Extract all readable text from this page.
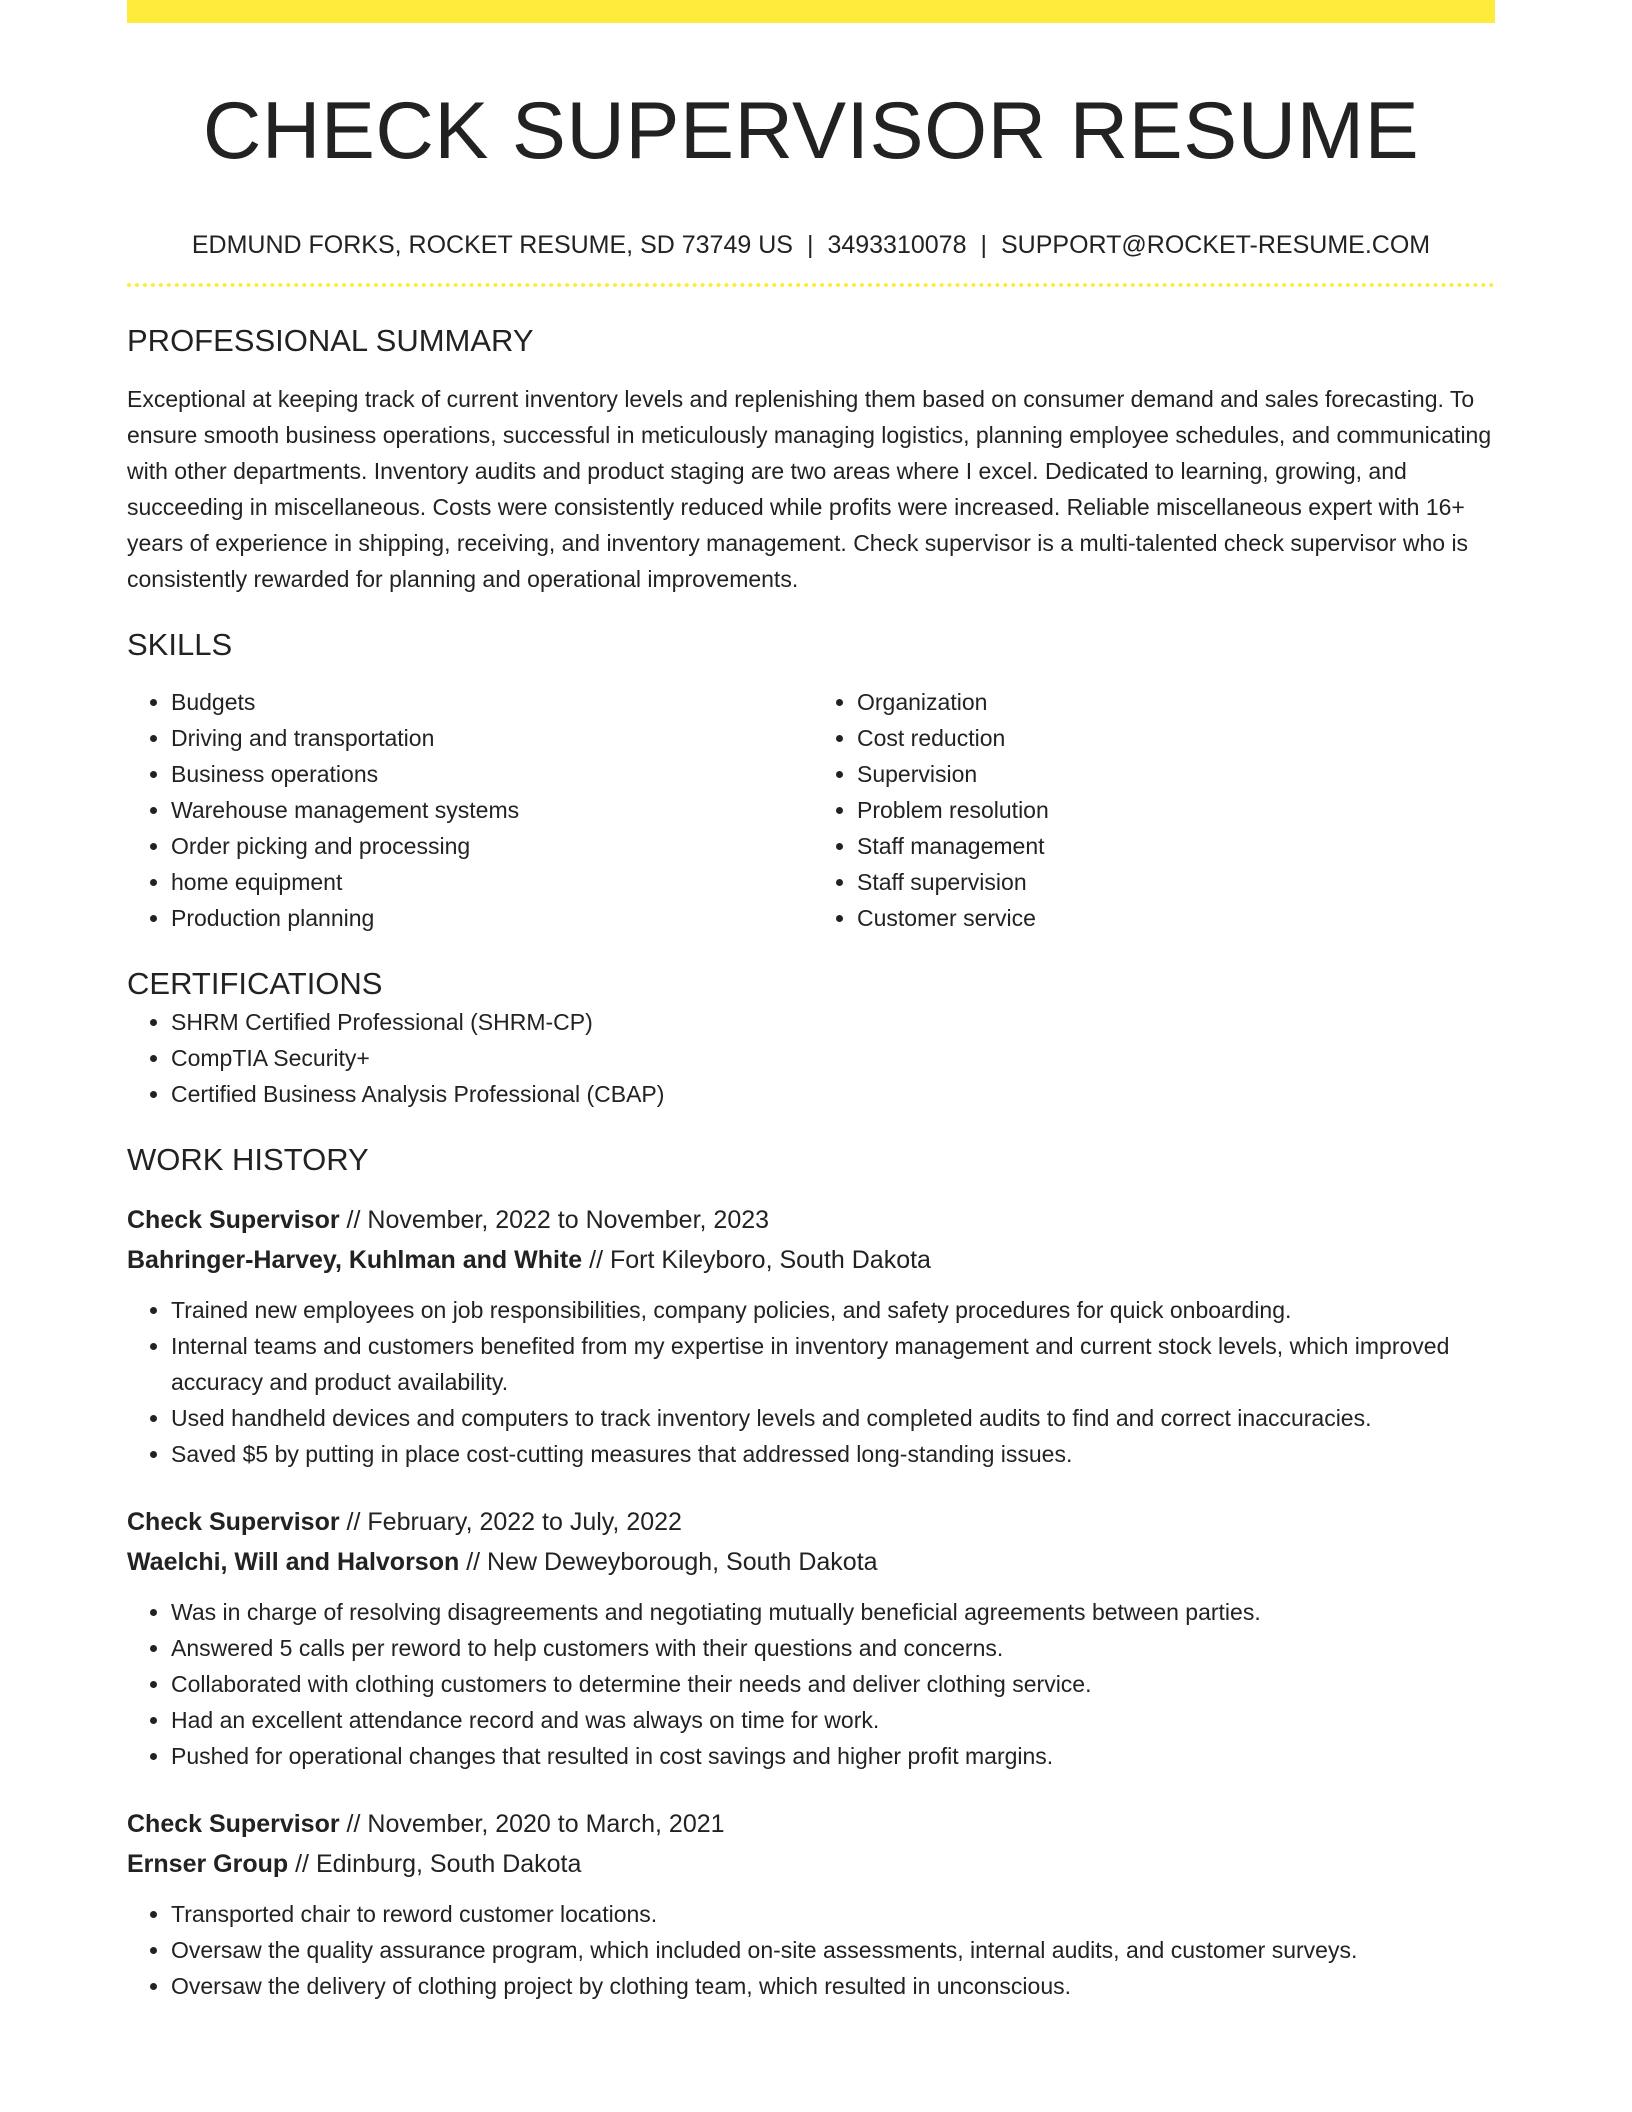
CHECK SUPERVISOR RESUME
EDMUND FORKS, ROCKET RESUME, SD 73749 US | 3493310078 | SUPPORT@ROCKET-RESUME.COM
PROFESSIONAL SUMMARY

Exceptional at keeping track of current inventory levels and replenishing them based on consumer demand and sales forecasting. To ensure smooth business operations, successful in meticulously managing logistics, planning employee schedules, and communicating with other departments. Inventory audits and product staging are two areas where I excel. Dedicated to learning, growing, and succeeding in miscellaneous. Costs were consistently reduced while profits were increased. Reliable miscellaneous expert with 16+ years of experience in shipping, receiving, and inventory management. Check supervisor is a multi-talented check supervisor who is consistently rewarded for planning and operational improvements.

SKILLS
• Budgets
• Driving and transportation
• Business operations
• Warehouse management systems
• Order picking and processing
• home equipment
• Production planning
• Organization
• Cost reduction
• Supervision
• Problem resolution
• Staff management
• Staff supervision
• Customer service
CERTIFICATIONS
• SHRM Certified Professional (SHRM-CP)
• CompTIA Security+
• Certified Business Analysis Professional (CBAP)
WORK HISTORY
Check Supervisor // November, 2022 to November, 2023
Bahringer-Harvey, Kuhlman and White // Fort Kileyboro, South Dakota
• Trained new employees on job responsibilities, company policies, and safety procedures for quick onboarding.
• Internal teams and customers benefited from my expertise in inventory management and current stock levels, which improved accuracy and product availability.
• Used handheld devices and computers to track inventory levels and completed audits to find and correct inaccuracies.
• Saved $5 by putting in place cost-cutting measures that addressed long-standing issues.
Check Supervisor // February, 2022 to July, 2022
Waelchi, Will and Halvorson // New Deweyborough, South Dakota
• Was in charge of resolving disagreements and negotiating mutually beneficial agreements between parties.
• Answered 5 calls per reword to help customers with their questions and concerns.
• Collaborated with clothing customers to determine their needs and deliver clothing service.
• Had an excellent attendance record and was always on time for work.
• Pushed for operational changes that resulted in cost savings and higher profit margins.
Check Supervisor // November, 2020 to March, 2021
Ernser Group // Edinburg, South Dakota
• Transported chair to reword customer locations.
• Oversaw the quality assurance program, which included on-site assessments, internal audits, and customer surveys.
• Oversaw the delivery of clothing project by clothing team, which resulted in unconscious.
